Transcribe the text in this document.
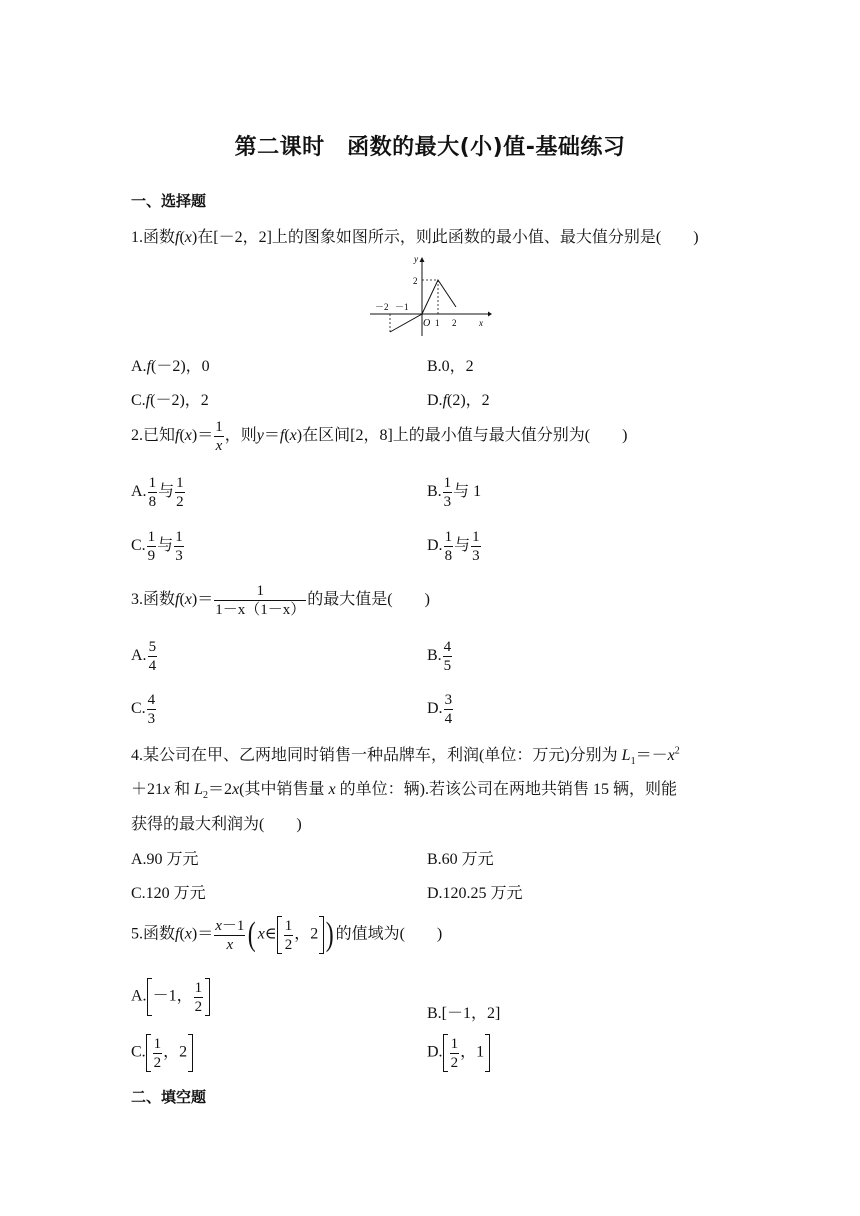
第二课时　函数的最大(小)值-基础练习
一、选择题
1.函数f(x)在[－2，2]上的图象如图所示，则此函数的最小值、最大值分别是(　　)
y
x
O
－2 －1
1 2
2
A.f(－2)，0	B.0，2
C.f(－2)，2	D.f(2)，2
2.已知$f(x)= \frac{1}{x}$ ，则y＝f(x)在区间[2，8]上的最小值与最大值分别为(　　)
A. $\frac{1}{8}$ 与 $\frac{1}{2}$	B. $\frac{1}{3}$ 与 1
C. $\frac{1}{9}$ 与 $\frac{1}{3}$	D. $\frac{1}{8}$ 与 $\frac{1}{3}$
3.函数$f(x)= \frac{1}{1-x(1-x)}$ 的最大值是(　　)
A. $\frac{5}{4}$	B. $\frac{4}{5}$
C. $\frac{4}{3}$	D. $\frac{3}{4}$
4.某公司在甲、乙两地同时销售一种品牌车，利润(单位：万元)分别为 $L_1=-x^2$
＋21x 和 $L_2=2x$(其中销售量 x 的单位：辆).若该公司在两地共销售 15 辆，则能
获得的最大利润为(　　)
A.90 万元	B.60 万元
C.120 万元	D.120.25 万元
5.函数$f(x)= \frac{x-1}{x}$ ( x∈ $\frac{1}{2}$ ，2 ) 的值域为(　　)
A. －1， $\frac{1}{2}$	B.[－1，2]
C. $\frac{1}{2}$ ，2	D. $\frac{1}{2}$ ，1
二、填空题
